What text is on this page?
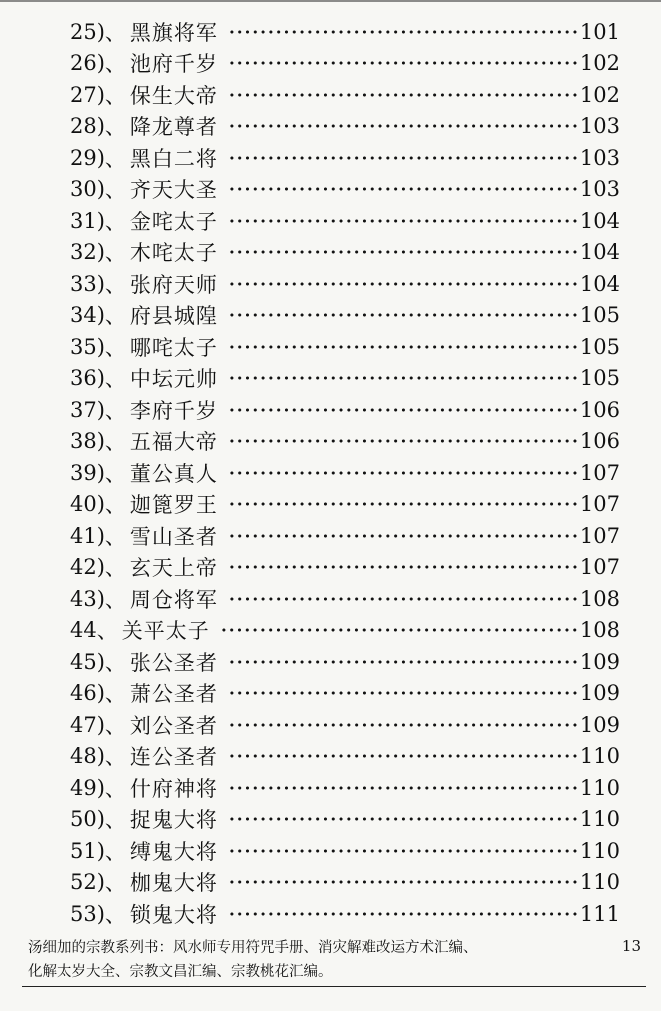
25) 、 黑旗将军	101
26) 、 池府千岁	102
27) 、 保生大帝	102
28) 、 降龙尊者	103
29) 、 黑白二将	103
30) 、 齐天大圣	103
31) 、 金咤太子	104
32) 、 木咤太子	104
33) 、 张府天师	104
34) 、 府县城隍	105
35) 、 哪咤太子	105
36) 、 中坛元帅	105
37) 、 李府千岁	106
38) 、 五福大帝	106
39) 、 董公真人	107
40) 、 迦篦罗王	107
41) 、 雪山圣者	107
42) 、 玄天上帝	107
43) 、 周仓将军	108
44 、 关平太子	108
45) 、 张公圣者	109
46) 、 萧公圣者	109
47) 、 刘公圣者	109
48) 、 连公圣者	110
49) 、 什府神将	110
50) 、 捉鬼大将	110
51) 、 缚鬼大将	110
52) 、 枷鬼大将	110
53) 、 锁鬼大将	111
汤细加的宗教系列书：风水师专用符咒手册、消灾解难改运方术汇编、
化解太岁大全、宗教文昌汇编、宗教桃花汇编。
13
